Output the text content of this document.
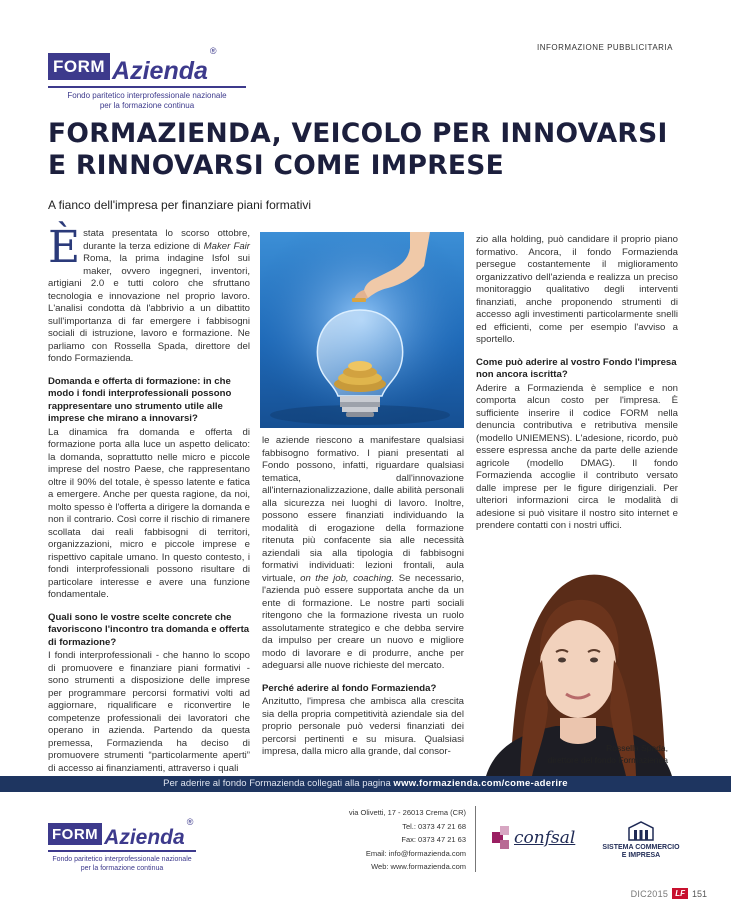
FORM Azienda
®
Fondo paritetico interprofessionale nazionale
per la formazione continua
INFORMAZIONE PUBBLICITARIA
FORMAZIENDA, VEICOLO PER INNOVARSI E RINNOVARSI COME IMPRESE
A fianco dell'impresa per finanziare piani formativi

È stata presentata lo scorso ottobre, durante la terza edizione di Maker Fair Roma, la prima indagine Isfol sui maker, ovvero ingegneri, inventori, artigiani 2.0 e tutti coloro che sfruttano tecnologia e innovazione nel proprio lavoro. L'analisi condotta dà l'abbrivio a un dibattito sull'importanza di far emergere i fabbisogni sociali di istruzione, lavoro e formazione. Ne parliamo con Rossella Spada, direttore del fondo Formazienda.

Domanda e offerta di formazione: in che modo i fondi interprofessionali possono rappresentare uno strumento utile alle imprese che mirano a innovarsi?

La dinamica fra domanda e offerta di formazione porta alla luce un aspetto delicato: la domanda, soprattutto nelle micro e piccole imprese del nostro Paese, che rappresentano oltre il 90% del totale, è spesso latente e fatica a emergere. Anche per questa ragione, da noi, molto spesso è l'offerta a dirigere la domanda e non il contrario. Così corre il rischio di rimanere scollata dai reali fabbisogni di territori, organizzazioni, micro e piccole imprese e rispettivo capitale umano. In questo contesto, i fondi interprofessionali possono risultare di particolare interesse e avere una funzione fondamentale.

Quali sono le vostre scelte concrete che favoriscono l'incontro tra domanda e offerta di formazione?

I fondi interprofessionali - che hanno lo scopo di promuovere e finanziare piani formativi - sono strumenti a disposizione delle imprese per programmare percorsi formativi volti ad aggiornare, riqualificare e riconvertire le competenze professionali dei lavoratori che operano in azienda. Partendo da questa premessa, Formazienda ha deciso di promuovere strumenti “particolarmente aperti” di accesso ai finanziamenti, attraverso i quali

le aziende riescono a manifestare qualsiasi fabbisogno formativo. I piani presentati al Fondo possono, infatti, riguardare qualsiasi tematica, dall'innovazione all'internazionalizzazione, dalle abilità personali alla sicurezza nei luoghi di lavoro. Inoltre, possono essere finanziati individuando la modalità di erogazione della formazione ritenuta più confacente sia alle necessità aziendali sia alla tipologia di fabbisogni formativi individuati: lezioni frontali, aula virtuale, on the job, coaching. Se necessario, l'azienda può essere supportata anche da un ente di formazione. Le nostre parti sociali ritengono che la formazione rivesta un ruolo assolutamente strategico e che debba servire da impulso per creare un nuovo e migliore modo di lavorare e di produrre, anche per adeguarsi alle nuove richieste del mercato.

Perché aderire al fondo Formazienda?

Anzitutto, l'impresa che ambisca alla crescita sia della propria competitività aziendale sia del proprio personale può vedersi finanziati dei percorsi pertinenti e su misura. Qualsiasi impresa, dalla micro alla grande, dal consor-

zio alla holding, può candidare il proprio piano formativo. Ancora, il fondo Formazienda persegue costantemente il miglioramento organizzativo dell'azienda e realizza un preciso monitoraggio qualitativo degli interventi finanziati, anche proponendo strumenti di accesso agli investimenti particolarmente snelli ed efficienti, come per esempio l'avviso a sportello.

Come può aderire al vostro Fondo l'impresa non ancora iscritta?

Aderire a Formazienda è semplice e non comporta alcun costo per l'impresa. È sufficiente inserire il codice FORM nella denuncia contributiva e retributiva mensile (modello UNIEMENS). L'adesione, ricordo, può essere espressa anche da parte delle aziende agricole (modello DMAG). Il fondo Formazienda accoglie il contributo versato dalle imprese per le figure dirigenziali. Per ulteriori informazioni circa le modalità di adesione si può visitare il nostro sito internet e prendere contatti con i nostri uffici.

Rossella Spada,
direttore del fondo Formazienda
Per aderire al fondo Formazienda collegati alla pagina www.formazienda.com/come-aderire
FORM Azienda
®
Fondo paritetico interprofessionale nazionale
per la formazione continua
via Olivetti, 17 - 26013 Crema (CR)
Tel.: 0373 47 21 68
Fax: 0373 47 21 63
Email: info@formazienda.com
Web: www.formazienda.com
confsal	SISTEMA COMMERCIO
E IMPRESA
DIC2015 LF 151
